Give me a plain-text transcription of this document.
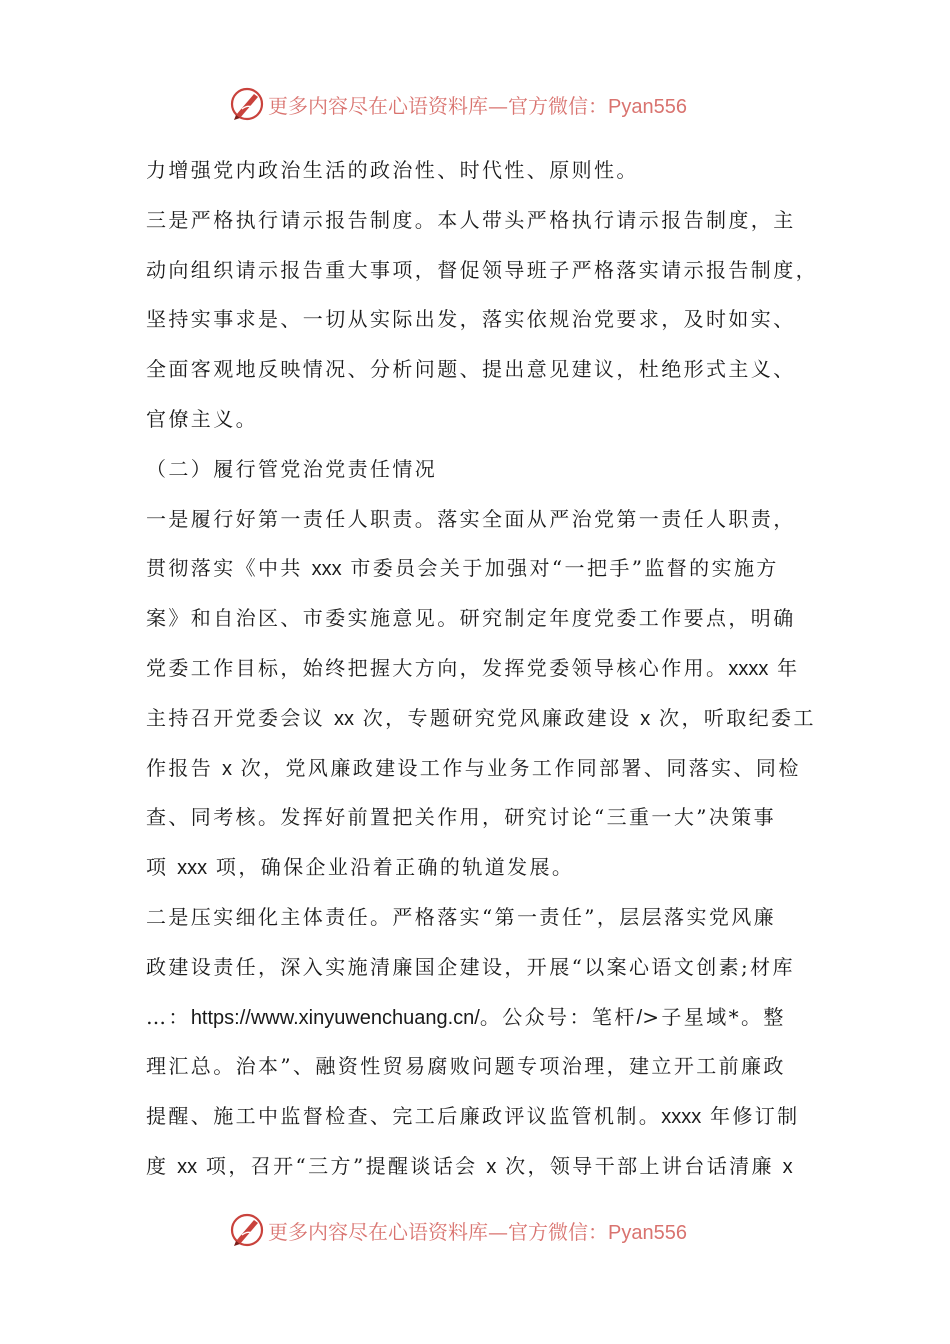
更多内容尽在心语资料库—官方微信：Pyan556
力增强党内政治生活的政治性、时代性、原则性。
三是严格执行请示报告制度。本人带头严格执行请示报告制度，主
动向组织请示报告重大事项，督促领导班子严格落实请示报告制度，
坚持实事求是、一切从实际出发，落实依规治党要求，及时如实、
全面客观地反映情况、分析问题、提出意见建议，杜绝形式主义、
官僚主义。
（二）履行管党治党责任情况
一是履行好第一责任人职责。落实全面从严治党第一责任人职责，
贯彻落实《中共 xxx 市委员会关于加强对“一把手”监督的实施方
案》和自治区、市委实施意见。研究制定年度党委工作要点，明确
党委工作目标，始终把握大方向，发挥党委领导核心作用。xxxx 年
主持召开党委会议 xx 次，专题研究党风廉政建设 x 次，听取纪委工
作报告 x 次，党风廉政建设工作与业务工作同部署、同落实、同检
查、同考核。发挥好前置把关作用，研究讨论“三重一大”决策事
项 xxx 项，确保企业沿着正确的轨道发展。
二是压实细化主体责任。严格落实“第一责任”，层层落实党风廉
政建设责任，深入实施清廉国企建设，开展“以案心语文创素;材库
…：https://www.xinyuwenchuang.cn/。公众号：笔杆/>子星域*。整
理汇总。治本”、融资性贸易腐败问题专项治理，建立开工前廉政
提醒、施工中监督检查、完工后廉政评议监管机制。xxxx 年修订制
度 xx 项，召开“三方”提醒谈话会 x 次，领导干部上讲台话清廉 x
更多内容尽在心语资料库—官方微信：Pyan556
